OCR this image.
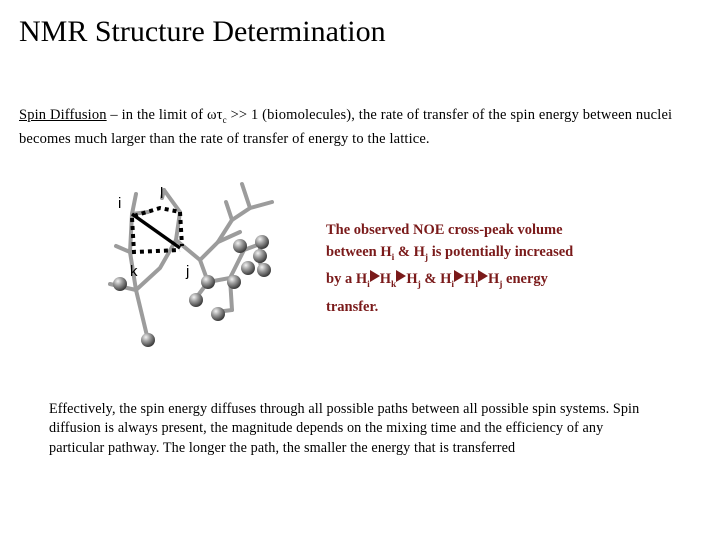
NMR Structure Determination
Spin Diffusion – in the limit of $\omega\tau_c >> 1$ (biomolecules), the rate of transfer of the spin energy between nuclei becomes much larger than the rate of transfer of energy to the lattice.
i
l
k	j
The observed NOE cross-peak volume between $H_i$ & $H_j$ is potentially increased by a $H_i$ $H_k$ $H_j$ & $H_i$ $H_l$ $H_j$ energy transfer.
Effectively, the spin energy diffuses through all possible paths between all possible spin systems. Spin diffusion is always present, the magnitude depends on the mixing time and the efficiency of any particular pathway. The longer the path, the smaller the energy that is transferred
